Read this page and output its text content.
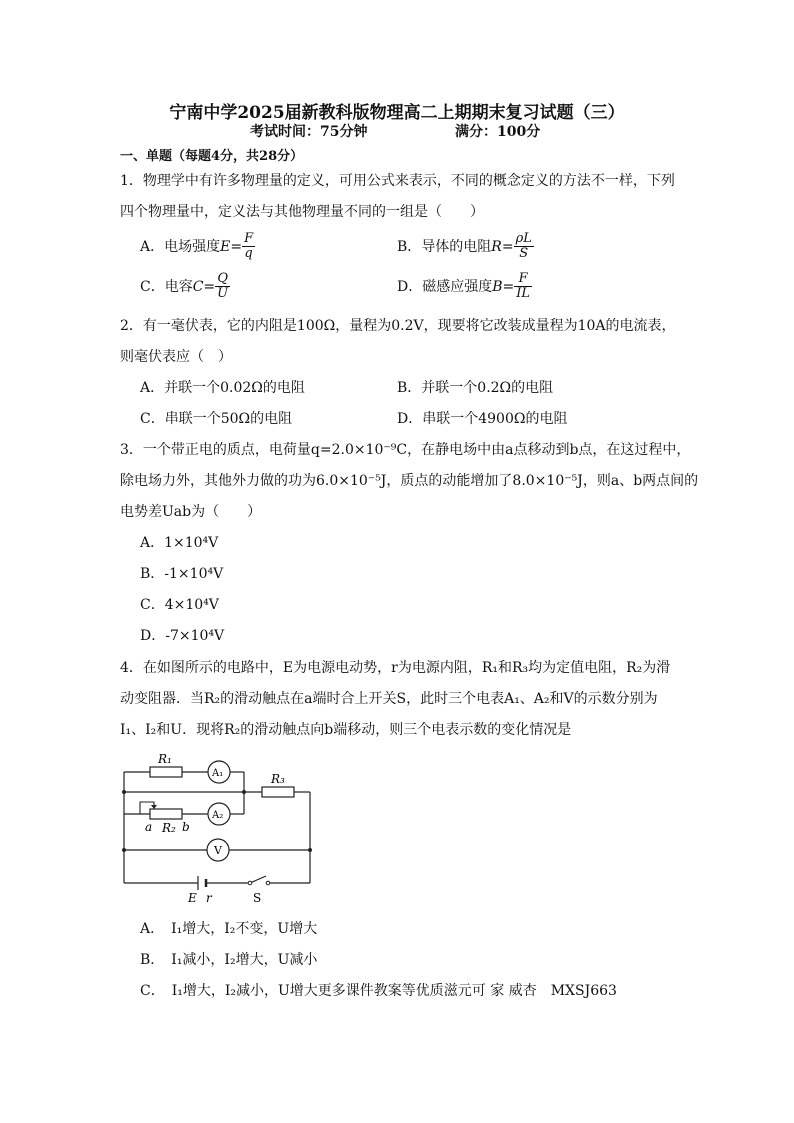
宁南中学2025届新教科版物理高二上期期末复习试题（三）
考试时间：75分钟	满分：100分
一、单题（每题4分，共28分）
1．物理学中有许多物理量的定义，可用公式来表示，不同的概念定义的方法不一样，下列
四个物理量中，定义法与其他物理量不同的一组是（　　）
A．电场强度$E= \frac{F}{q}$	B．导体的电阻$R= \frac{\rho L}{S}$
C．电容$C= \frac{Q}{U}$	D．磁感应强度$B= \frac{F}{IL}$
2．有一毫伏表，它的内阻是100Ω，量程为0.2V，现要将它改装成量程为10A的电流表，
则毫伏表应（　）
A．并联一个0.02Ω的电阻	B．并联一个0.2Ω的电阻
C．串联一个50Ω的电阻	D．串联一个4900Ω的电阻
3．一个带正电的质点，电荷量q=2.0×10⁻⁹C，在静电场中由a点移动到b点，在这过程中，
除电场力外，其他外力做的功为6.0×10⁻⁵J，质点的动能增加了8.0×10⁻⁵J，则a、b两点间的
电势差Uab为（　　）
A．1×10⁴V
B．-1×10⁴V
C．4×10⁴V
D．-7×10⁴V
4．在如图所示的电路中，E为电源电动势，r为电源内阻，R₁和R₃均为定值电阻，R₂为滑
动变阻器．当R₂的滑动触点在a端时合上开关S，此时三个电表A₁、A₂和V的示数分别为
I₁、I₂和U．现将R₂的滑动触点向b端移动，则三个电表示数的变化情况是
R₁
A₁	R₃
A₂
a R₂ b
V
E r	S
A．　I₁增大，I₂不变，U增大
B．　I₁减小，I₂增大，U减小
C．　I₁增大，I₂减小，U增大更多课件教案等优质滋元可 家 威杏　MXSJ663
